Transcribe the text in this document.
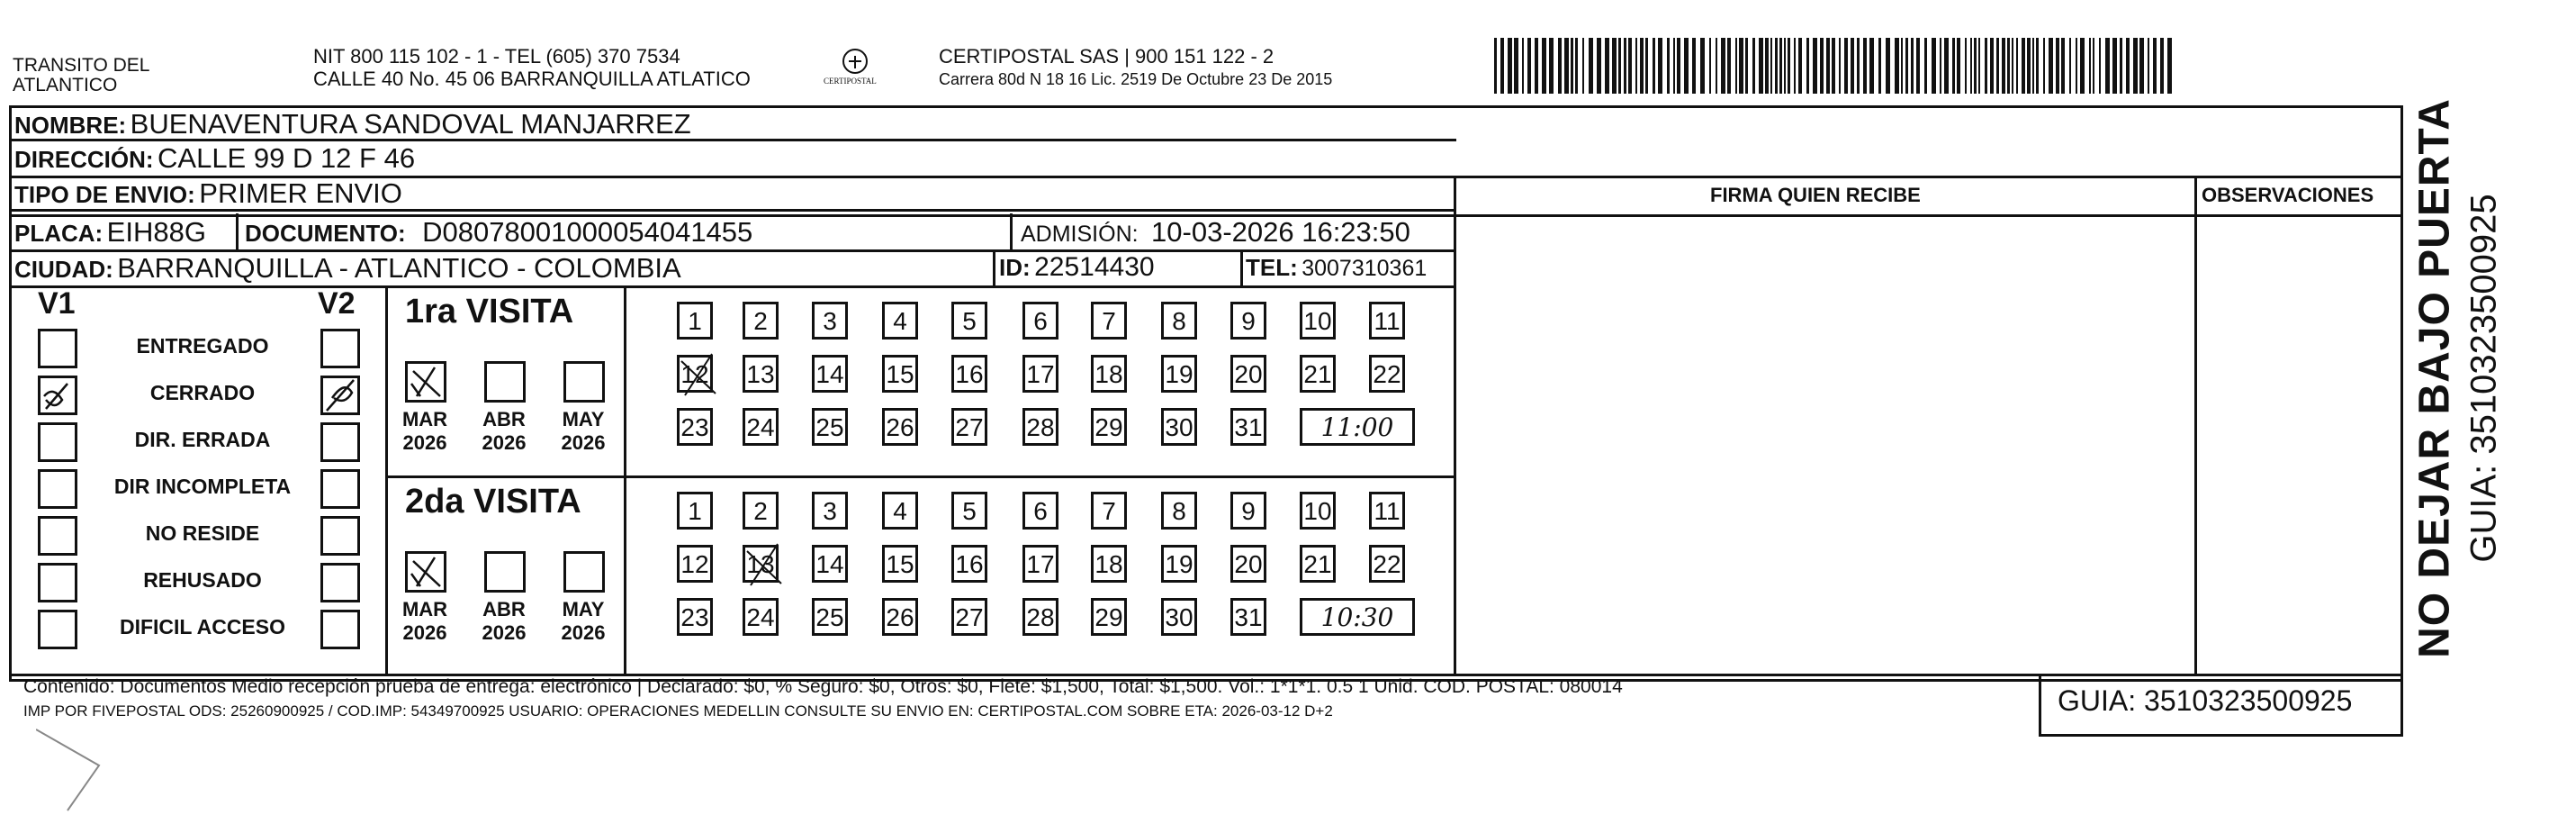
TRANSITO DEL
ATLANTICO
NIT 800 115 102 - 1 - TEL (605) 370 7534
CALLE 40 No. 45 06 BARRANQUILLA ATLATICO	CERTIPOSTAL
CERTIPOSTAL SAS | 900 151 122 - 2
Carrera 80d N 18 16 Lic. 2519 De Octubre 23 De 2015
NOMBRE: BUENAVENTURA SANDOVAL MANJARREZ
DIRECCIÓN: CALLE 99 D 12 F 46
TIPO DE ENVIO: PRIMER ENVIO	FIRMA QUIEN RECIBE	OBSERVACIONES
PLACA: EIH88G DOCUMENTO: D08078001000054041455	ADMISIÓN: 10-03-2026 16:23:50
CIUDAD: BARRANQUILLA - ATLANTICO - COLOMBIA	ID: 22514430	TEL: 3007310361
V1	V2
ENTREGADO
CERRADO
DIR. ERRADA
DIR INCOMPLETA
NO RESIDE
REHUSADO
DIFICIL ACCESO
1ra VISITA
MAR
2026
ABR
2026
MAY
2026
1	2	3	4	5	6	7	8	9	10 11
12 13 14 15 16 17 18 19 20 21 22
23 24 25 26 27 28 29 30 31	11:00
2da VISITA
MAR
2026
ABR
2026
MAY
2026
1	2	3	4	5	6	7	8	9	10 11
12 13 14 15 16 17 18 19 20 21 22
23 24 25 26 27 28 29 30 31	10:30
Contenido: Documentos Medio recepción prueba de entrega: electrónico | Declarado: $0, % Seguro: $0, Otros: $0, Flete: $1,500, Total: $1,500. Vol.: 1*1*1. 0.5 1 Unid. COD. POSTAL: 080014
IMP POR FIVEPOSTAL ODS: 25260900925 / COD.IMP: 54349700925 USUARIO: OPERACIONES MEDELLIN CONSULTE SU ENVIO EN: CERTIPOSTAL.COM SOBRE ETA: 2026-03-12 D+2	GUIA: 3510323500925
NO DEJAR BAJO PUERTA GUIA: 3510323500925
